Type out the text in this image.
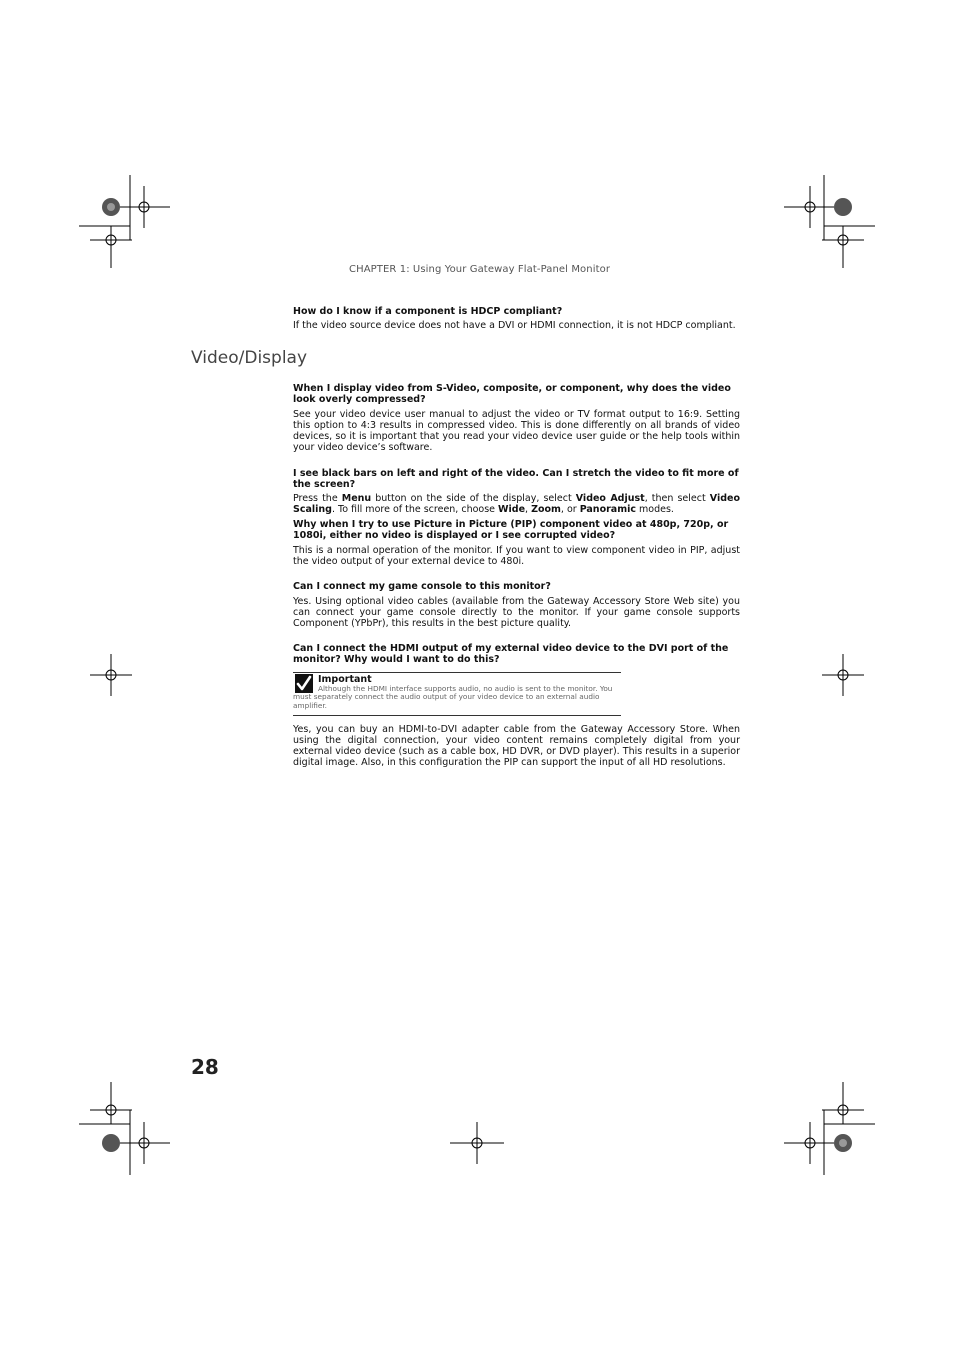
CHAPTER 1: Using Your Gateway Flat-Panel Monitor
How do I know if a component is HDCP compliant?
If the video source device does not have a DVI or HDMI connection, it is not HDCP compliant.
Video/Display
When I display video from S-Video, composite, or component, why does the video look overly compressed?
See your video device user manual to adjust the video or TV format output to 16:9. Setting this option to 4:3 results in compressed video. This is done differently on all brands of video devices, so it is important that you read your video device user guide or the help tools within your video device’s software.
I see black bars on left and right of the video. Can I stretch the video to fit more of the screen?
Press the Menu button on the side of the display, select Video Adjust, then select Video Scaling. To fill more of the screen, choose Wide, Zoom, or Panoramic modes.
Why when I try to use Picture in Picture (PIP) component video at 480p, 720p, or 1080i, either no video is displayed or I see corrupted video?
This is a normal operation of the monitor. If you want to view component video in PIP, adjust the video output of your external device to 480i.
Can I connect my game console to this monitor?
Yes. Using optional video cables (available from the Gateway Accessory Store Web site) you can connect your game console directly to the monitor. If your game console supports Component (YPbPr), this results in the best picture quality.
Can I connect the HDMI output of my external video device to the DVI port of the monitor? Why would I want to do this?
Important
Although the HDMI interface supports audio, no audio is sent to the monitor. You must separately connect the audio output of your video device to an external audio amplifier.
Yes, you can buy an HDMI-to-DVI adapter cable from the Gateway Accessory Store. When using the digital connection, your video content remains completely digital from your external video device (such as a cable box, HD DVR, or DVD player). This results in a superior digital image. Also, in this configuration the PIP can support the input of all HD resolutions.
28
